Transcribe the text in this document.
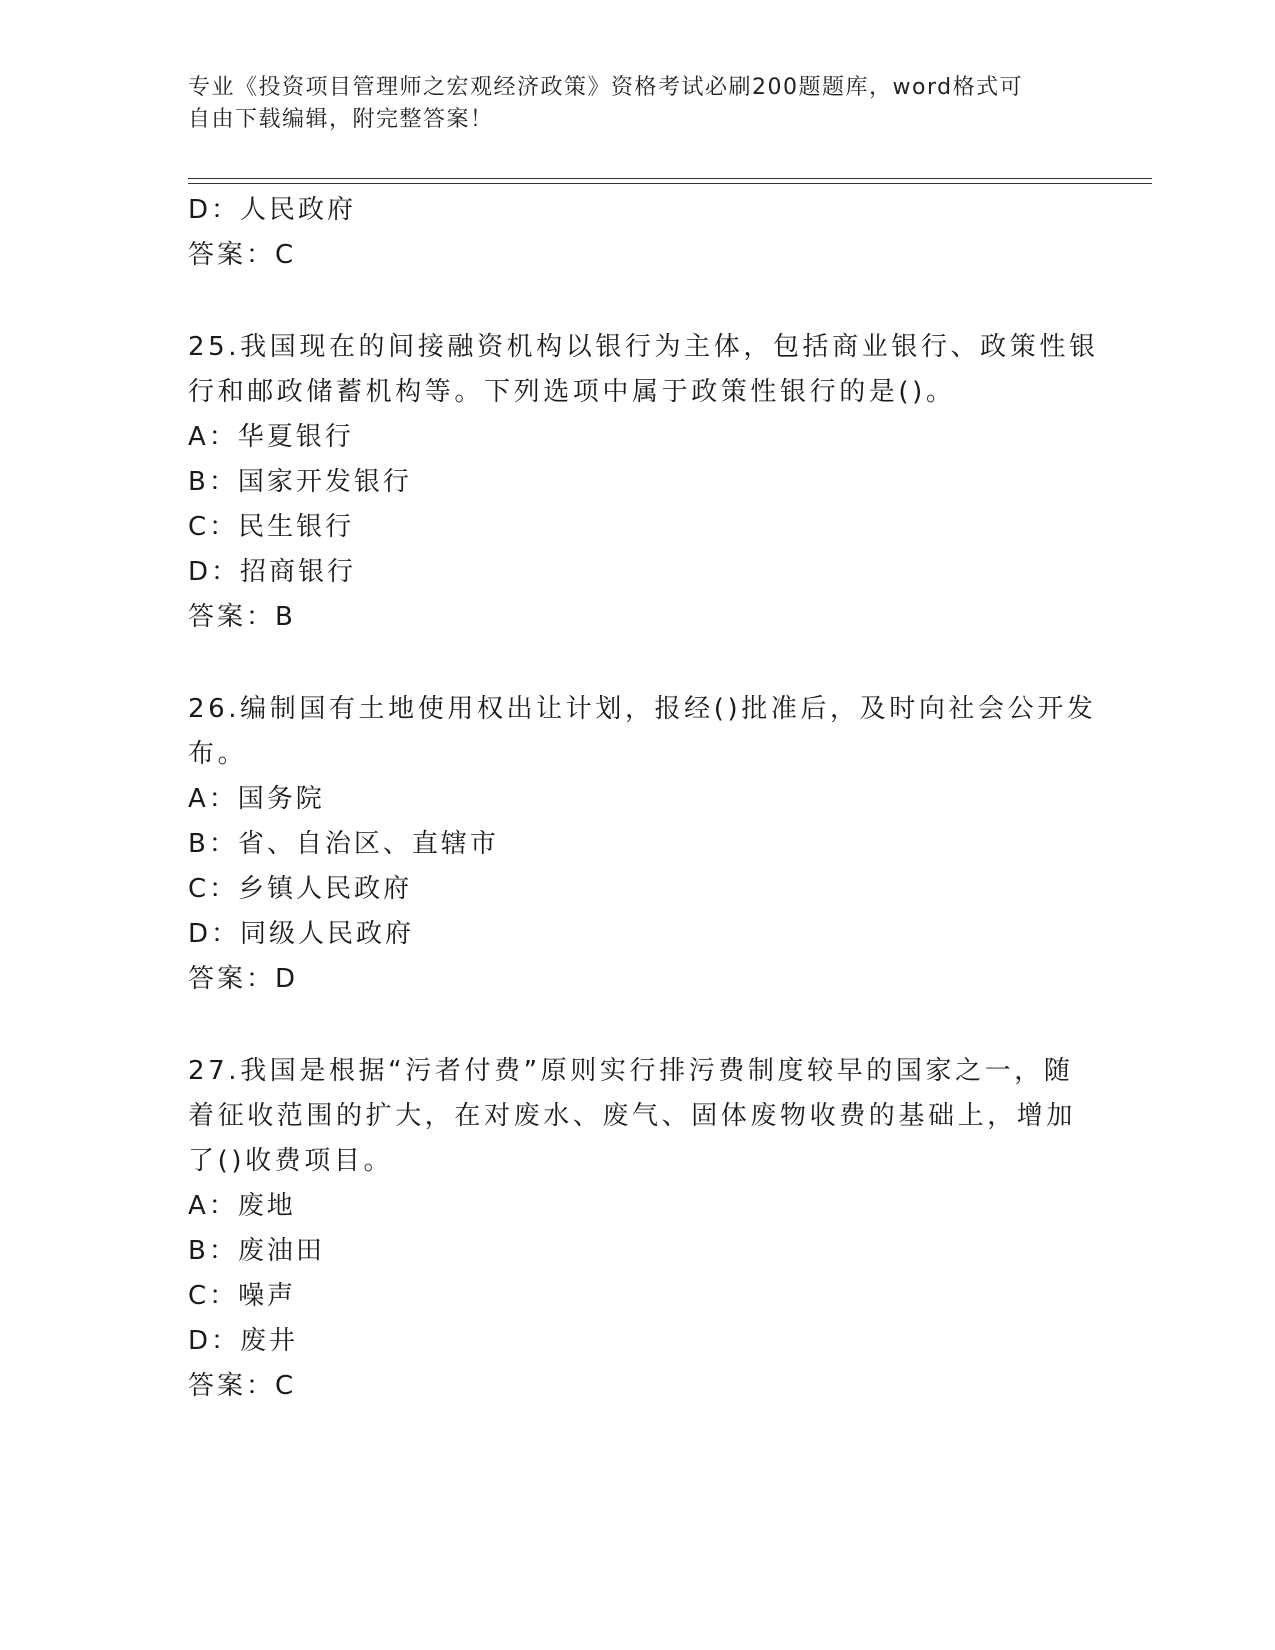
专业《投资项目管理师之宏观经济政策》资格考试必刷200题题库，word格式可
自由下载编辑，附完整答案！
D：人民政府
答案：C
25.我国现在的间接融资机构以银行为主体，包括商业银行、政策性银
行和邮政储蓄机构等。下列选项中属于政策性银行的是()。
A：华夏银行
B：国家开发银行
C：民生银行
D：招商银行
答案：B
26.编制国有土地使用权出让计划，报经()批准后，及时向社会公开发
布。
A：国务院
B：省、自治区、直辖市
C：乡镇人民政府
D：同级人民政府
答案：D
27.我国是根据“污者付费”原则实行排污费制度较早的国家之一，随
着征收范围的扩大，在对废水、废气、固体废物收费的基础上，增加
了()收费项目。
A：废地
B：废油田
C：噪声
D：废井
答案：C
